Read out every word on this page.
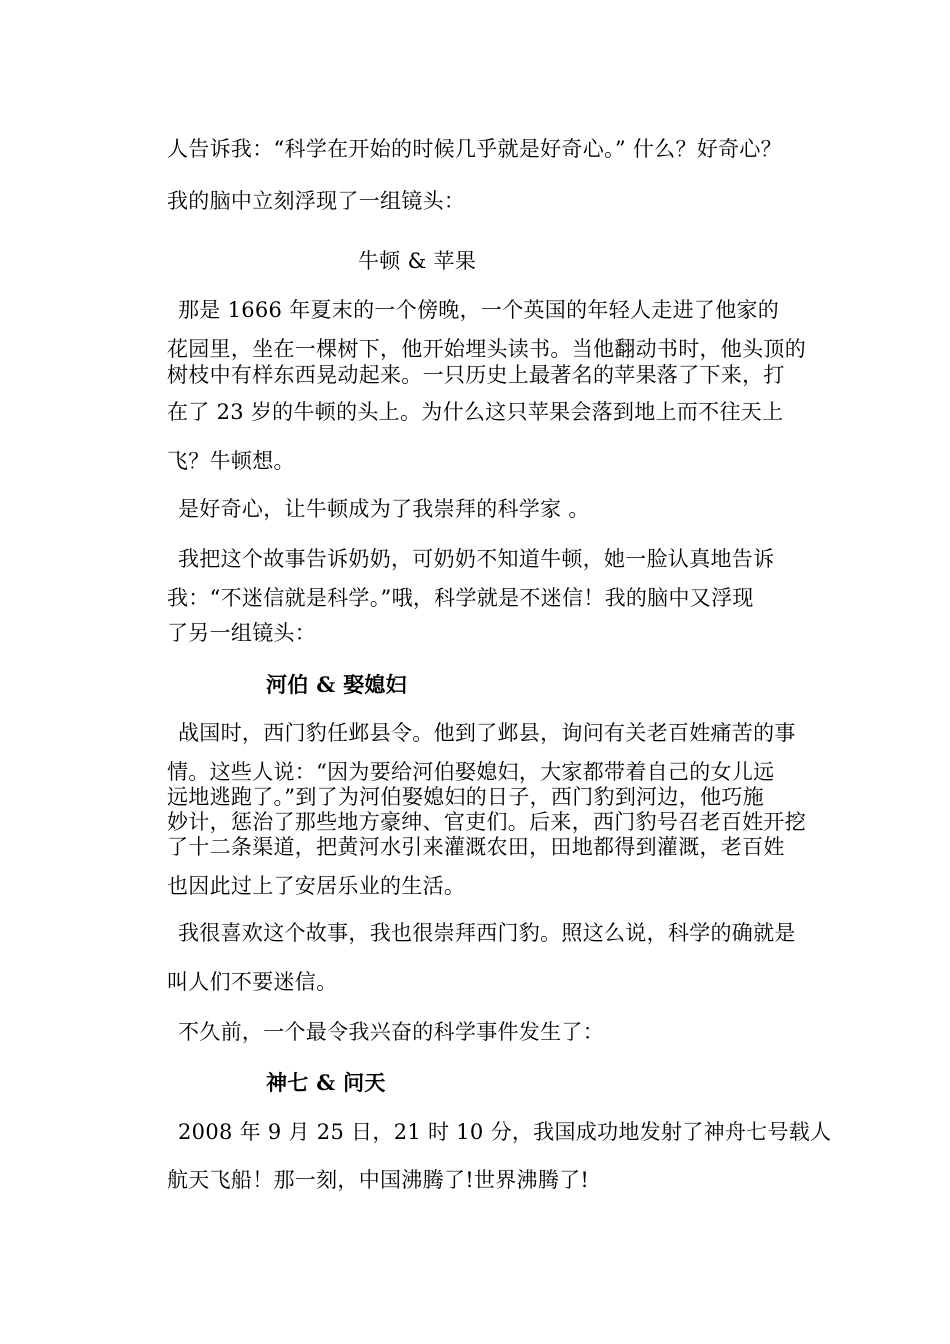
人告诉我：“科学在开始的时候几乎就是好奇心。” 什么？好奇心？
我的脑中立刻浮现了一组镜头：
牛顿 & 苹果
那是 1666 年夏末的一个傍晚，一个英国的年轻人走进了他家的
花园里，坐在一棵树下，他开始埋头读书。当他翻动书时，他头顶的
树枝中有样东西晃动起来。一只历史上最著名的苹果落了下来，打
在了 23 岁的牛顿的头上。为什么这只苹果会落到地上而不往天上
飞？牛顿想。
是好奇心，让牛顿成为了我崇拜的科学家 。
我把这个故事告诉奶奶，可奶奶不知道牛顿，她一脸认真地告诉
我：“不迷信就是科学。”哦，科学就是不迷信！我的脑中又浮现
了另一组镜头：
河伯 & 娶媳妇
战国时，西门豹任邺县令。他到了邺县，询问有关老百姓痛苦的事
情。这些人说：“因为要给河伯娶媳妇，大家都带着自己的女儿远
远地逃跑了。”到了为河伯娶媳妇的日子，西门豹到河边，他巧施
妙计，惩治了那些地方豪绅、官吏们。后来，西门豹号召老百姓开挖
了十二条渠道，把黄河水引来灌溉农田，田地都得到灌溉，老百姓
也因此过上了安居乐业的生活。
我很喜欢这个故事，我也很崇拜西门豹。照这么说，科学的确就是
叫人们不要迷信。
不久前，一个最令我兴奋的科学事件发生了：
神七 & 问天
2008 年 9 月 25 日，21 时 10 分，我国成功地发射了神舟七号载人
航天飞船！那一刻，中国沸腾了!世界沸腾了!
